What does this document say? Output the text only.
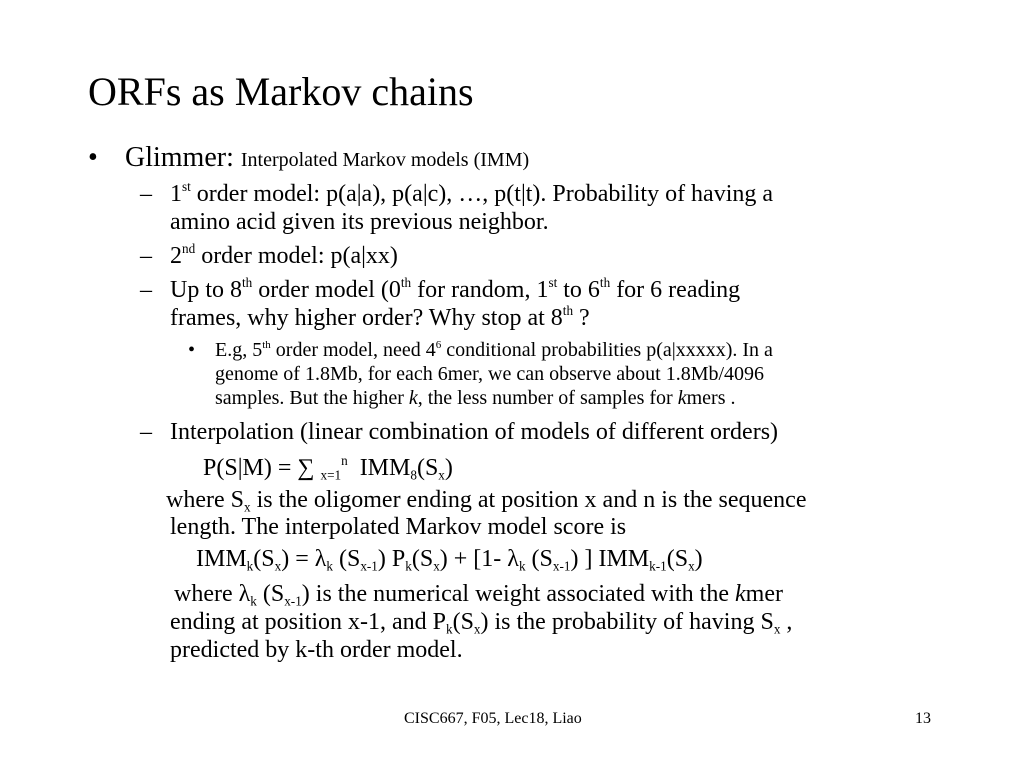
ORFs as Markov chains
• Glimmer: Interpolated Markov models (IMM)
– 1st order model: p(a|a), p(a|c), …, p(t|t). Probability of having a
amino acid given its previous neighbor.
– 2nd order model: p(a|xx)
– Up to 8th order model (0th for random, 1st to 6th for 6 reading
frames, why higher order? Why stop at 8th ?
• E.g, 5th order model, need $4^6$ conditional probabilities p(a|xxxxx). In a
genome of 1.8Mb, for each 6mer, we can observe about 1.8Mb/4096
samples. But the higher k, the less number of samples for kmers .
– Interpolation (linear combination of models of different orders)
P(S|M) = ∑ $_{x=1}^n$ $IMM_8(S_x)$
where $S_x$ is the oligomer ending at position x and n is the sequence
length. The interpolated Markov model score is
$IMM_k(S_x) = \lambda_k$ $(S_{x-1}) P_k(S_x) + [1-$ $\lambda_k$ $(S_{x-1})$ ] $IMM_{k-1}(S_x)$
where $\lambda_k$ $(S_{x-1})$ is the numerical weight associated with the kmer
ending at position x-1, and $P_k(S_x)$ is the probability of having $S_x$ ,
predicted by k-th order model.
CISC667, F05, Lec18, Liao	13
